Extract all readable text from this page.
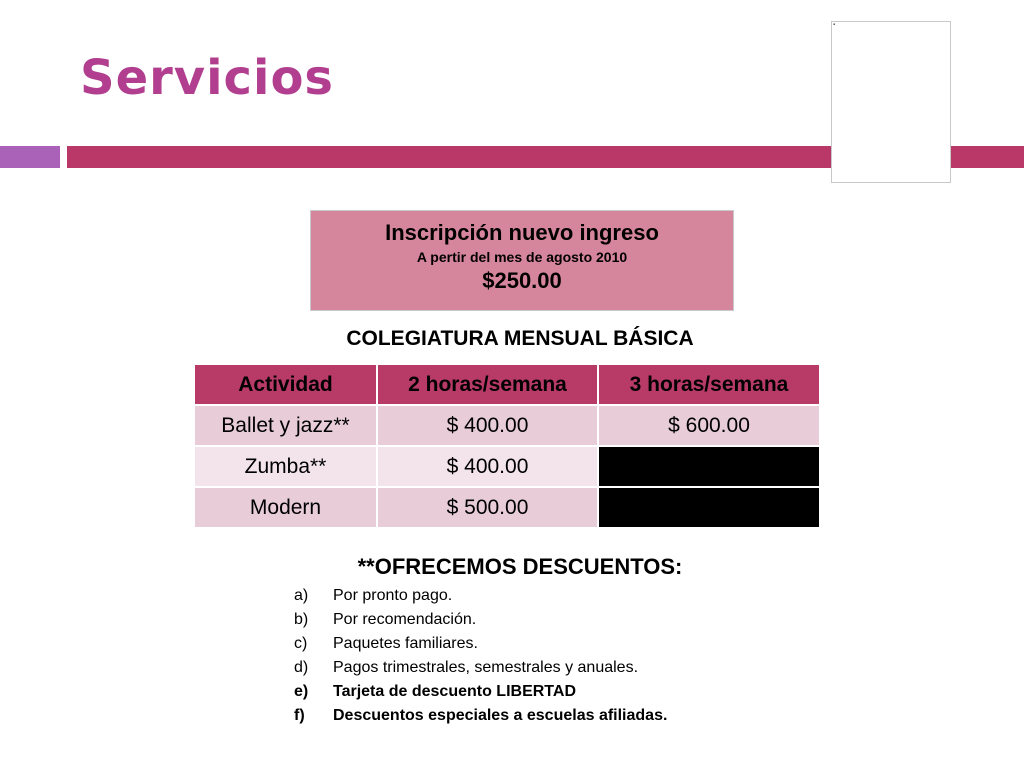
Servicios
▪
Inscripción nuevo ingreso
A pertir del mes de agosto 2010
$250.00
COLEGIATURA MENSUAL BÁSICA
Actividad	2 horas/semana	3 horas/semana
Ballet y jazz**	$ 400.00	$ 600.00
Zumba**	$ 400.00	
Modern	$ 500.00	
**OFRECEMOS DESCUENTOS:
a) Por pronto pago.
b) Por recomendación.
c) Paquetes familiares.
d) Pagos trimestrales, semestrales y anuales.
e) Tarjeta de descuento LIBERTAD
f) Descuentos especiales a escuelas afiliadas.
